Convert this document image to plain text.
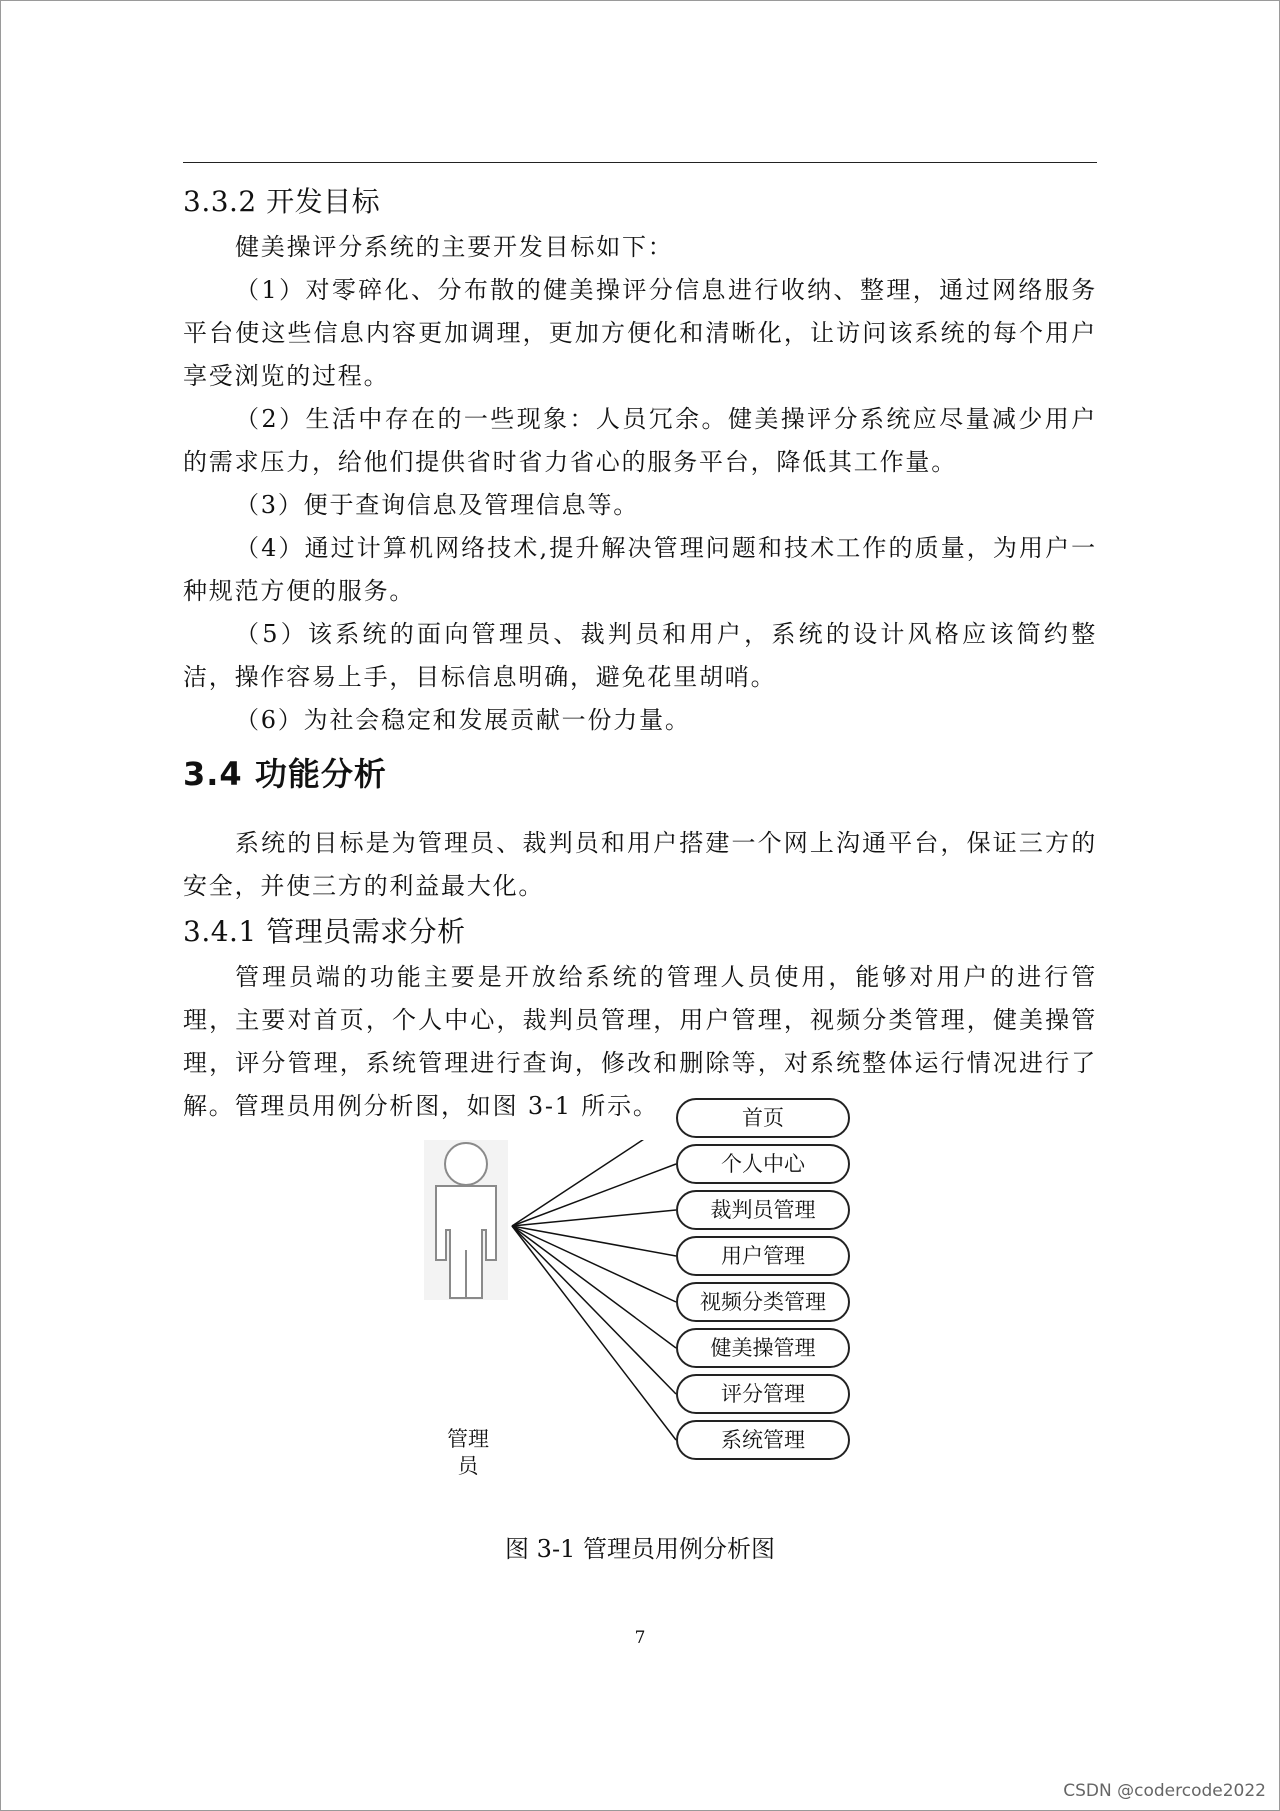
3.3.2 开发目标

健美操评分系统的主要开发目标如下：

（1）对零碎化、分布散的健美操评分信息进行收纳、整理，通过网络服务平台使这些信息内容更加调理，更加方便化和清晰化，让访问该系统的每个用户享受浏览的过程。

（2）生活中存在的一些现象：人员冗余。健美操评分系统应尽量减少用户的需求压力，给他们提供省时省力省心的服务平台，降低其工作量。

（3）便于查询信息及管理信息等。

（4）通过计算机网络技术,提升解决管理问题和技术工作的质量，为用户一种规范方便的服务。

（5）该系统的面向管理员、裁判员和用户，系统的设计风格应该简约整洁，操作容易上手，目标信息明确，避免花里胡哨。

（6）为社会稳定和发展贡献一份力量。

3.4 功能分析

系统的目标是为管理员、裁判员和用户搭建一个网上沟通平台，保证三方的安全，并使三方的利益最大化。

3.4.1 管理员需求分析

管理员端的功能主要是开放给系统的管理人员使用，能够对用户的进行管理，主要对首页，个人中心，裁判员管理，用户管理，视频分类管理，健美操管理，评分管理，系统管理进行查询，修改和删除等，对系统整体运行情况进行了解。管理员用例分析图，如图 3-1 所示。

管理员
首页
个人中心
裁判员管理
用户管理
视频分类管理
健美操管理
评分管理
系统管理
图 3-1 管理员用例分析图
7
CSDN @codercode2022
